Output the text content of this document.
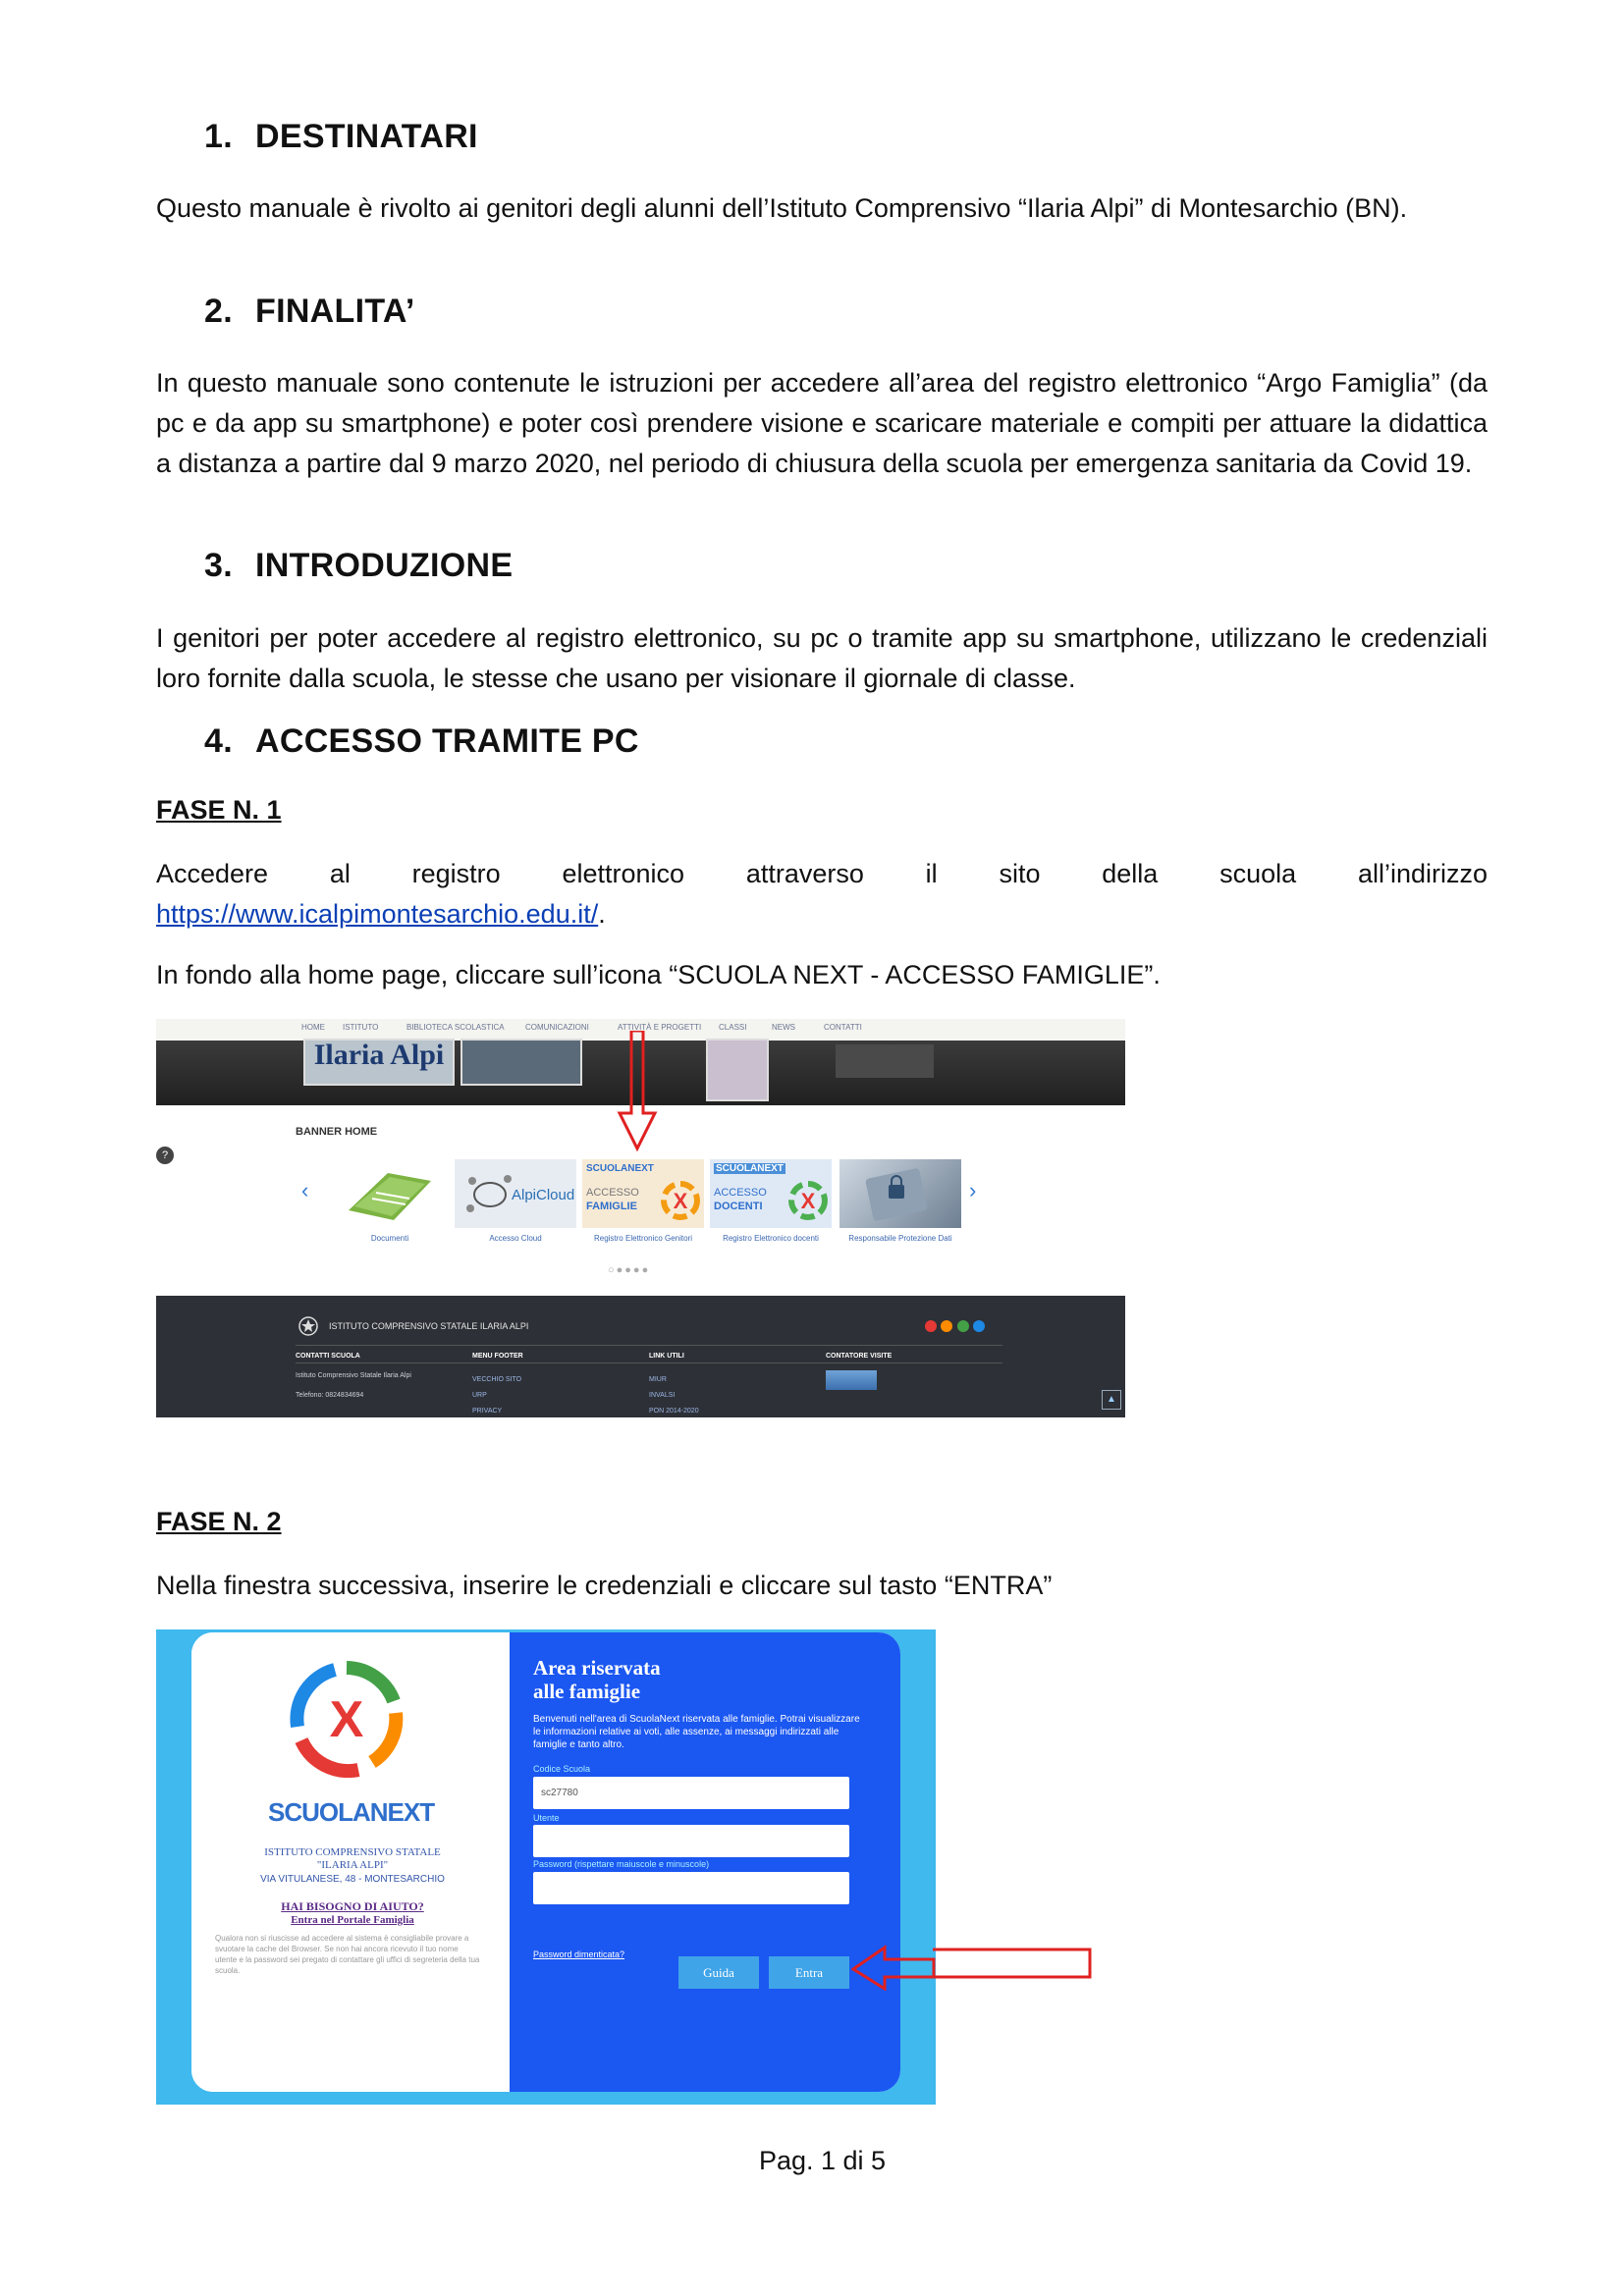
1. DESTINATARI
Questo manuale è rivolto ai genitori degli alunni dell’Istituto Comprensivo “Ilaria Alpi” di Montesarchio (BN).
2. FINALITA’
In questo manuale sono contenute le istruzioni per accedere all’area del registro elettronico “Argo Famiglia” (da pc e da app su smartphone) e poter così prendere visione e scaricare materiale e compiti per attuare la didattica a distanza a partire dal 9 marzo 2020, nel periodo di chiusura della scuola per emergenza sanitaria da Covid 19.
3. INTRODUZIONE
I genitori per poter accedere al registro elettronico, su pc o tramite app su smartphone, utilizzano le credenziali loro fornite dalla scuola, le stesse che usano per visionare il giornale di classe.
4. ACCESSO TRAMITE PC
FASE N. 1
Accedere al registro elettronico attraverso il sito della scuola all’indirizzo
https://www.icalpimontesarchio.edu.it/.
In fondo alla home page, cliccare sull’icona “SCUOLA NEXT - ACCESSO FAMIGLIE”.
HOME ISTITUTO	BIBLIOTECA SCOLASTICA	COMUNICAZIONI	ATTIVITÀ E PROGETTI CLASSI	NEWS	CONTATTI
Ilaria Alpi
BANNER HOME
?
‹	›
Documenti
AlpiCloud
Accesso Cloud
SCUOLANEXT
ACCESSO
FAMIGLIE X
Registro Elettronico Genitori
SCUOLANEXT
ACCESSO
DOCENTI X
Registro Elettronico docenti	Responsabile Protezione Dati
○●●●●
ISTITUTO COMPRENSIVO STATALE ILARIA ALPI

CONTATTI SCUOLA	MENU FOOTER	LINK UTILI	CONTATORE VISITE
Istituto Comprensivo Statale Ilaria Alpi
Telefono: 0824834694
VECCHIO SITO
URP
PRIVACY
MIUR
INVALSI
PON 2014-2020
▲
FASE N. 2
Nella finestra successiva, inserire le credenziali e cliccare sul tasto “ENTRA”
X
SCUOLANEXT
ISTITUTO COMPRENSIVO STATALE
"ILARIA ALPI"
VIA VITULANESE, 48 - MONTESARCHIO
HAI BISOGNO DI AIUTO?
Entra nel Portale Famiglia
Qualora non si riuscisse ad accedere al sistema è consigliabile provare a svuotare la cache del Browser. Se non hai ancora ricevuto il tuo nome utente e la password sei pregato di contattare gli uffici di segreteria della tua scuola.
Area riservata
alle famiglie
Benvenuti nell'area di ScuolaNext riservata alle famiglie. Potrai visualizzare le informazioni relative ai voti, alle assenze, ai messaggi indirizzati alle famiglie e tanto altro.
Codice Scuola
sc27780
Utente
Password (rispettare maiuscole e minuscole)
Password dimenticata?
Guida	Entra
Pag. 1 di 5
